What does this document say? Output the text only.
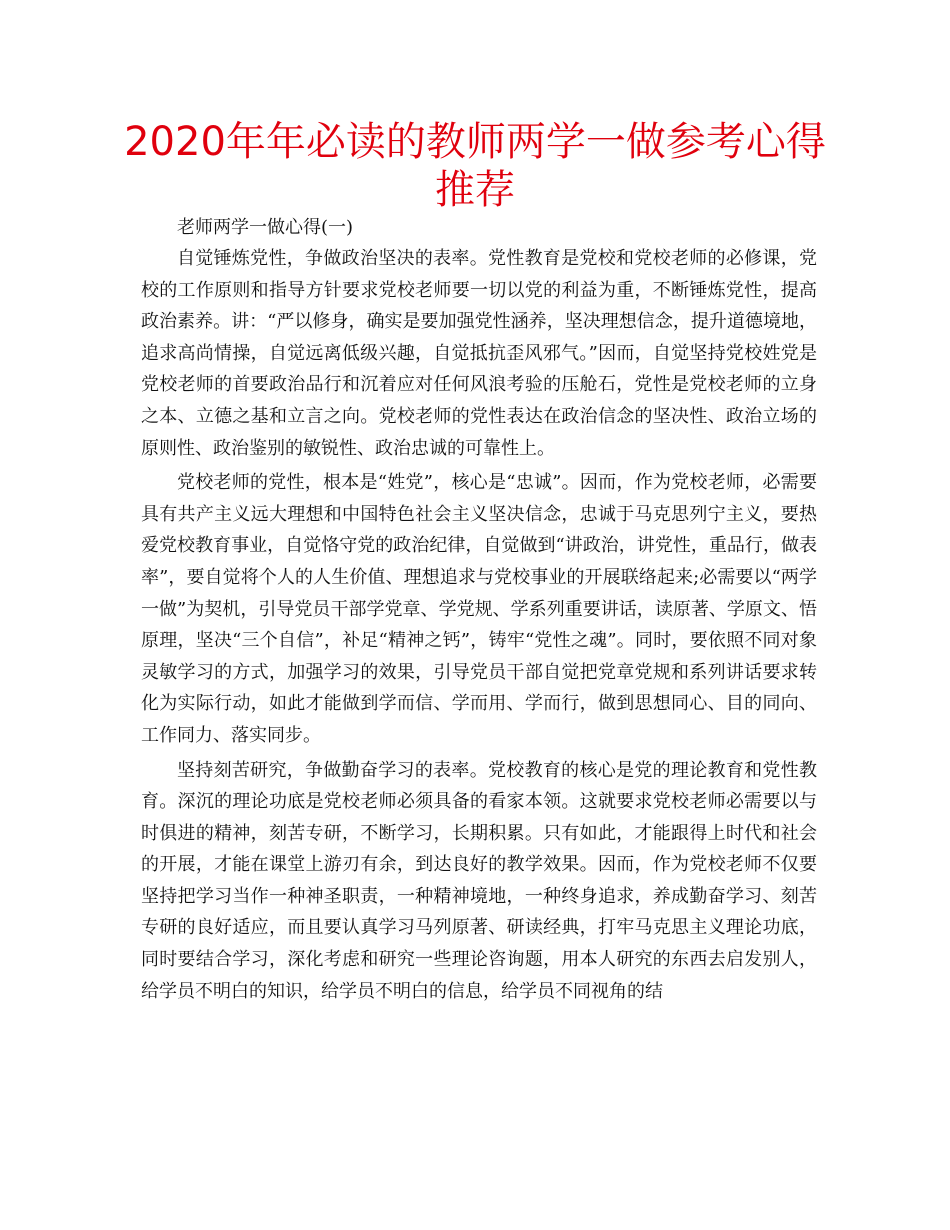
2020年年必读的教师两学一做参考心得推荐

老师两学一做心得(一)

自觉锤炼党性，争做政治坚决的表率。党性教育是党校和党校老师的必修课，党校的工作原则和指导方针要求党校老师要一切以党的利益为重，不断锤炼党性，提高政治素养。讲：“严以修身，确实是要加强党性涵养，坚决理想信念，提升道德境地，追求高尚情操，自觉远离低级兴趣，自觉抵抗歪风邪气。”因而，自觉坚持党校姓党是党校老师的首要政治品行和沉着应对任何风浪考验的压舱石，党性是党校老师的立身之本、立德之基和立言之向。党校老师的党性表达在政治信念的坚决性、政治立场的原则性、政治鉴别的敏锐性、政治忠诚的可靠性上。

党校老师的党性，根本是“姓党”，核心是“忠诚”。因而，作为党校老师，必需要具有共产主义远大理想和中国特色社会主义坚决信念，忠诚于马克思列宁主义，要热爱党校教育事业，自觉恪守党的政治纪律，自觉做到“讲政治，讲党性，重品行，做表率”，要自觉将个人的人生价值、理想追求与党校事业的开展联络起来;必需要以“两学一做”为契机，引导党员干部学党章、学党规、学系列重要讲话，读原著、学原文、悟原理，坚决“三个自信”，补足“精神之钙”，铸牢“党性之魂”。同时，要依照不同对象灵敏学习的方式，加强学习的效果，引导党员干部自觉把党章党规和系列讲话要求转化为实际行动，如此才能做到学而信、学而用、学而行，做到思想同心、目的同向、工作同力、落实同步。

坚持刻苦研究，争做勤奋学习的表率。党校教育的核心是党的理论教育和党性教育。深沉的理论功底是党校老师必须具备的看家本领。这就要求党校老师必需要以与时俱进的精神，刻苦专研，不断学习，长期积累。只有如此，才能跟得上时代和社会的开展，才能在课堂上游刃有余，到达良好的教学效果。因而，作为党校老师不仅要坚持把学习当作一种神圣职责，一种精神境地，一种终身追求，养成勤奋学习、刻苦专研的良好适应，而且要认真学习马列原著、研读经典，打牢马克思主义理论功底，同时要结合学习，深化考虑和研究一些理论咨询题，用本人研究的东西去启发别人，给学员不明白的知识，给学员不明白的信息，给学员不同视角的结
